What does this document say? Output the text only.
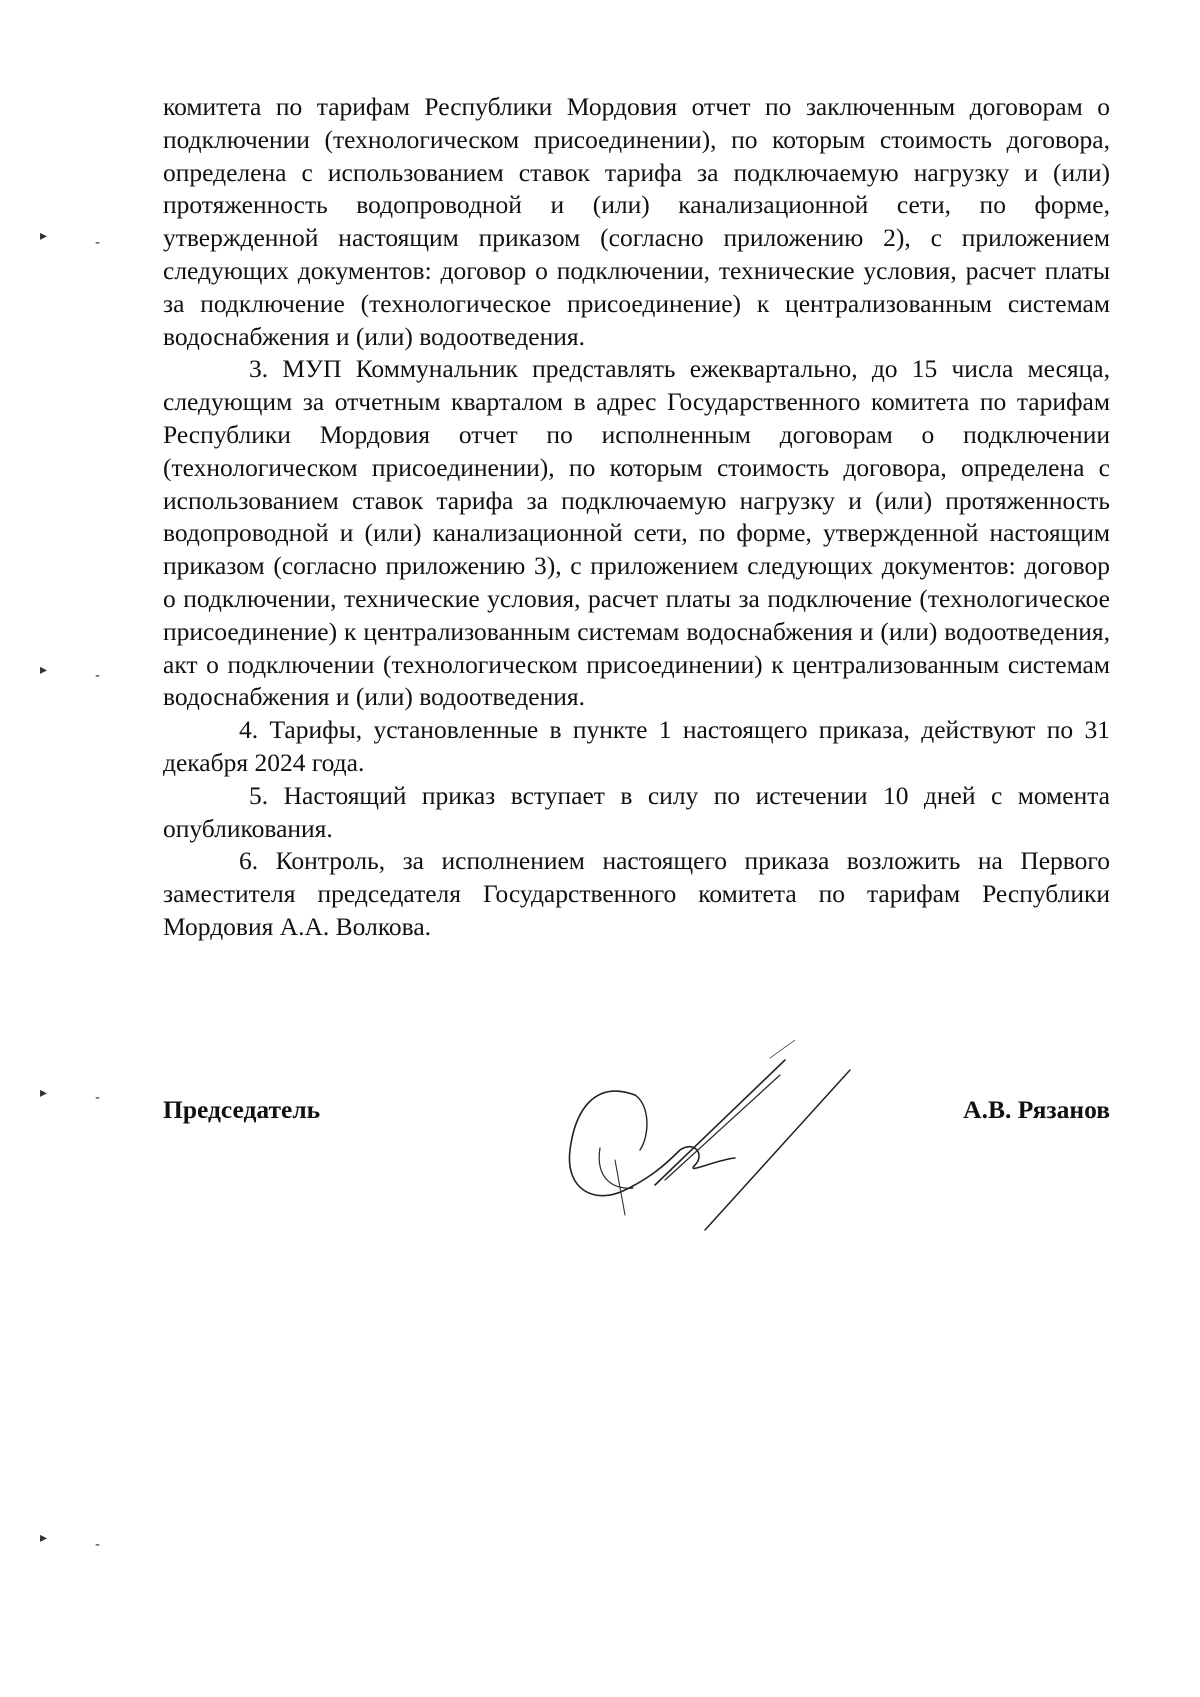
комитета по тарифам Республики Мордовия отчет по заключенным договорам о подключении (технологическом присоединении), по которым стоимость договора, определена с использованием ставок тарифа за подключаемую нагрузку и (или) протяженность водопроводной и (или) канализационной сети, по форме, утвержденной настоящим приказом (согласно приложению 2), с приложением следующих документов: договор о подключении, технические условия, расчет платы за подключение (технологическое присоединение) к централизованным системам водоснабжения и (или) водоотведения.

3. МУП Коммунальник представлять ежеквартально, до 15 числа месяца, следующим за отчетным кварталом в адрес Государственного комитета по тарифам Республики Мордовия отчет по исполненным договорам о подключении (технологическом присоединении), по которым стоимость договора, определена с использованием ставок тарифа за подключаемую нагрузку и (или) протяженность водопроводной и (или) канализационной сети, по форме, утвержденной настоящим приказом (согласно приложению 3), с приложением следующих документов: договор о подключении, технические условия, расчет платы за подключение (технологическое присоединение) к централизованным системам водоснабжения и (или) водоотведения, акт о подключении (технологическом присоединении) к централизованным системам водоснабжения и (или) водоотведения.

4. Тарифы, установленные в пункте 1 настоящего приказа, действуют по 31 декабря 2024 года.

5. Настоящий приказ вступает в силу по истечении 10 дней с момента опубликования.

6. Контроль, за исполнением настоящего приказа возложить на Первого заместителя председателя Государственного комитета по тарифам Республики Мордовия А.А. Волкова.

Председатель	А.В. Рязанов
▸	-
▸	-
▸	-
▸	-
